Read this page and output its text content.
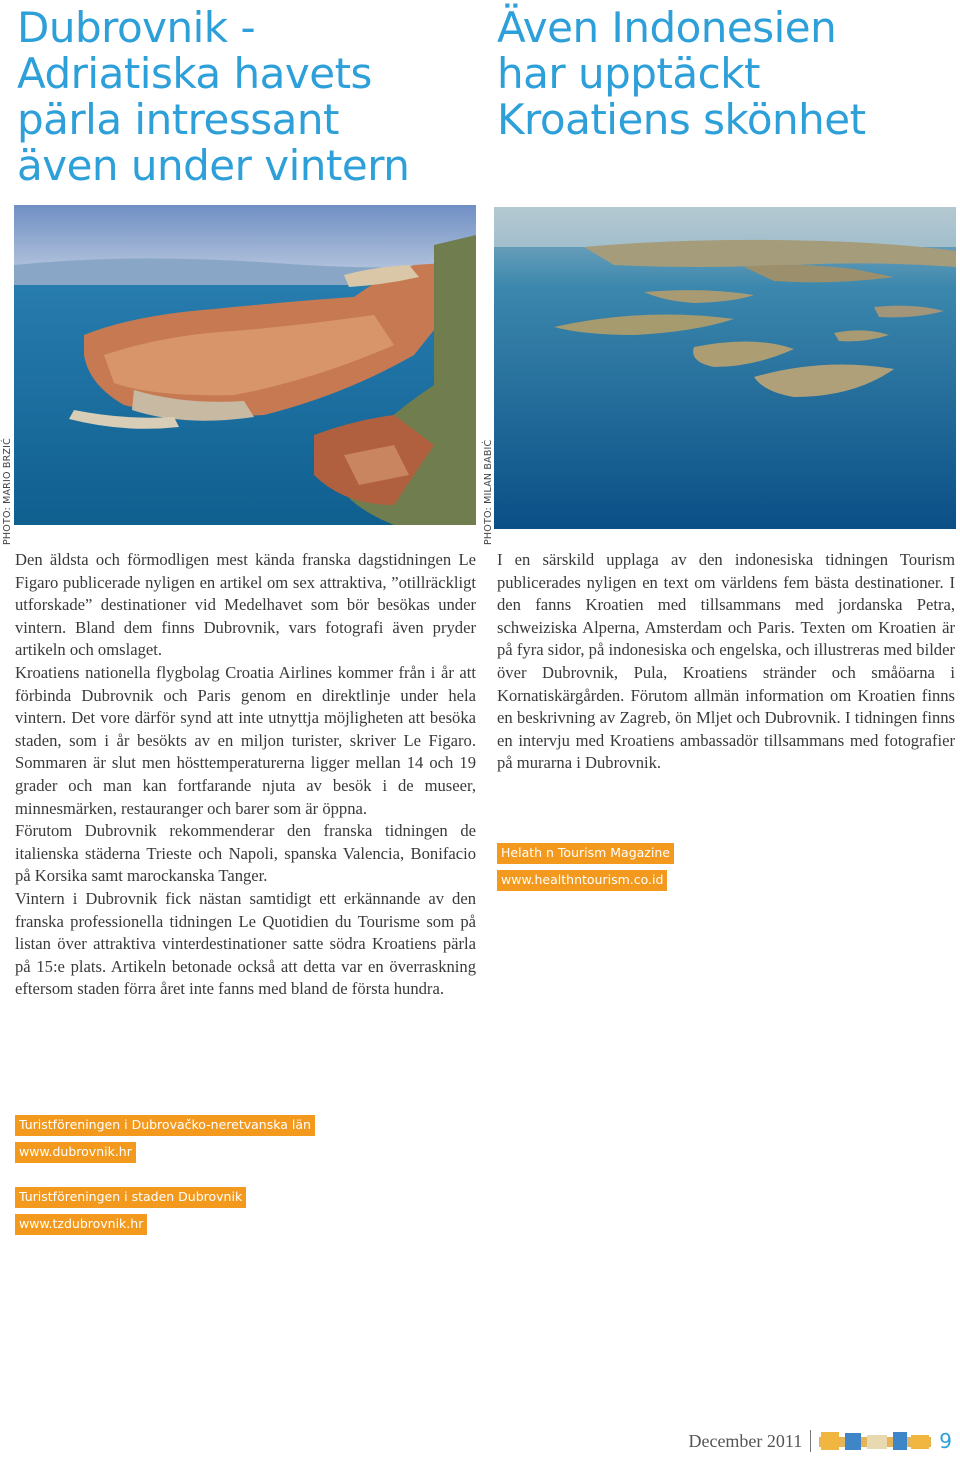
Dubrovnik -
Adriatiska havets
pärla intressant
även under vintern
Även Indonesien
har upptäckt
Kroatiens skönhet
PHOTO: MARIO BRZIĆ	PHOTO: MILAN BABIĆ

Den äldsta och förmodligen mest kända franska dagstidningen Le Figaro publicerade nyligen en artikel om sex attraktiva, ”otillräckligt utforskade” destinationer vid Medelhavet som bör besökas under vintern. Bland dem finns Dubrovnik, vars fotografi även pryder artikeln och omslaget.

Kroatiens nationella flygbolag Croatia Airlines kommer från i år att förbinda Dubrovnik och Paris genom en direktlinje under hela vintern. Det vore därför synd att inte utnyttja möjligheten att besöka staden, som i år besökts av en miljon turister, skriver Le Figaro. Sommaren är slut men hösttemperaturerna ligger mellan 14 och 19 grader och man kan fortfarande njuta av besök i de museer, minnesmärken, restauranger och barer som är öppna.

Förutom Dubrovnik rekommenderar den franska tidningen de italienska städerna Trieste och Napoli, spanska Valencia, Bonifacio på Korsika samt marockanska Tanger.

Vintern i Dubrovnik fick nästan samtidigt ett erkännande av den franska professionella tidningen Le Quotidien du Tourisme som på listan över attraktiva vinterdestinationer satte södra Kroatiens pärla på 15:e plats. Artikeln betonade också att detta var en överraskning eftersom staden förra året inte fanns med bland de första hundra.

I en särskild upplaga av den indonesiska tidningen Tourism publicerades nyligen en text om världens fem bästa destinationer. I den fanns Kroatien med tillsammans med jordanska Petra, schweiziska Alperna, Amsterdam och Paris. Texten om Kroatien är på fyra sidor, på indonesiska och engelska, och illustreras med bilder över Dubrovnik, Pula, Kroatiens stränder och småöarna i Kornatiskärgården. Förutom allmän information om Kroatien finns en beskrivning av Zagreb, ön Mljet och Dubrovnik. I tidningen finns en intervju med Kroatiens ambassadör tillsammans med fotografier på murarna i Dubrovnik.

Helath n Tourism Magazine
www.healthntourism.co.id
Turistföreningen i Dubrovačko-neretvanska län
www.dubrovnik.hr
Turistföreningen i staden Dubrovnik
www.tzdubrovnik.hr
December 2011	9
